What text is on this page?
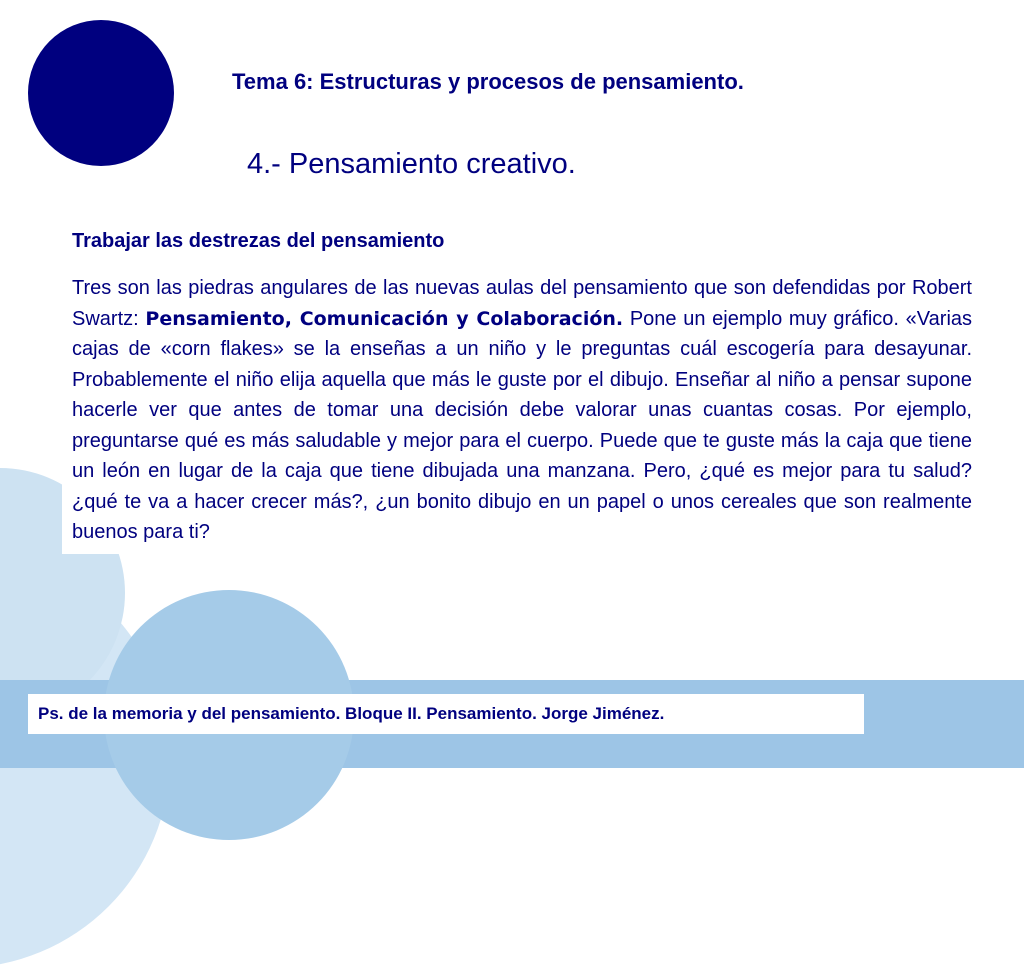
Tema 6: Estructuras y procesos de pensamiento.
4.- Pensamiento creativo.
Trabajar las destrezas del pensamiento

Tres son las piedras angulares de las nuevas aulas del pensamiento que son defendidas por Robert Swartz: Pensamiento, Comunicación y Colaboración. Pone un ejemplo muy gráfico. «Varias cajas de «corn flakes» se la enseñas a un niño y le preguntas cuál escogería para desayunar. Probablemente el niño elija aquella que más le guste por el dibujo. Enseñar al niño a pensar supone hacerle ver que antes de tomar una decisión debe valorar unas cuantas cosas. Por ejemplo, preguntarse qué es más saludable y mejor para el cuerpo. Puede que te guste más la caja que tiene un león en lugar de la caja que tiene dibujada una manzana. Pero, ¿qué es mejor para tu salud? ¿qué te va a hacer crecer más?, ¿un bonito dibujo en un papel o unos cereales que son realmente buenos para ti?

Ps. de la memoria y del pensamiento. Bloque II. Pensamiento. Jorge Jiménez.
